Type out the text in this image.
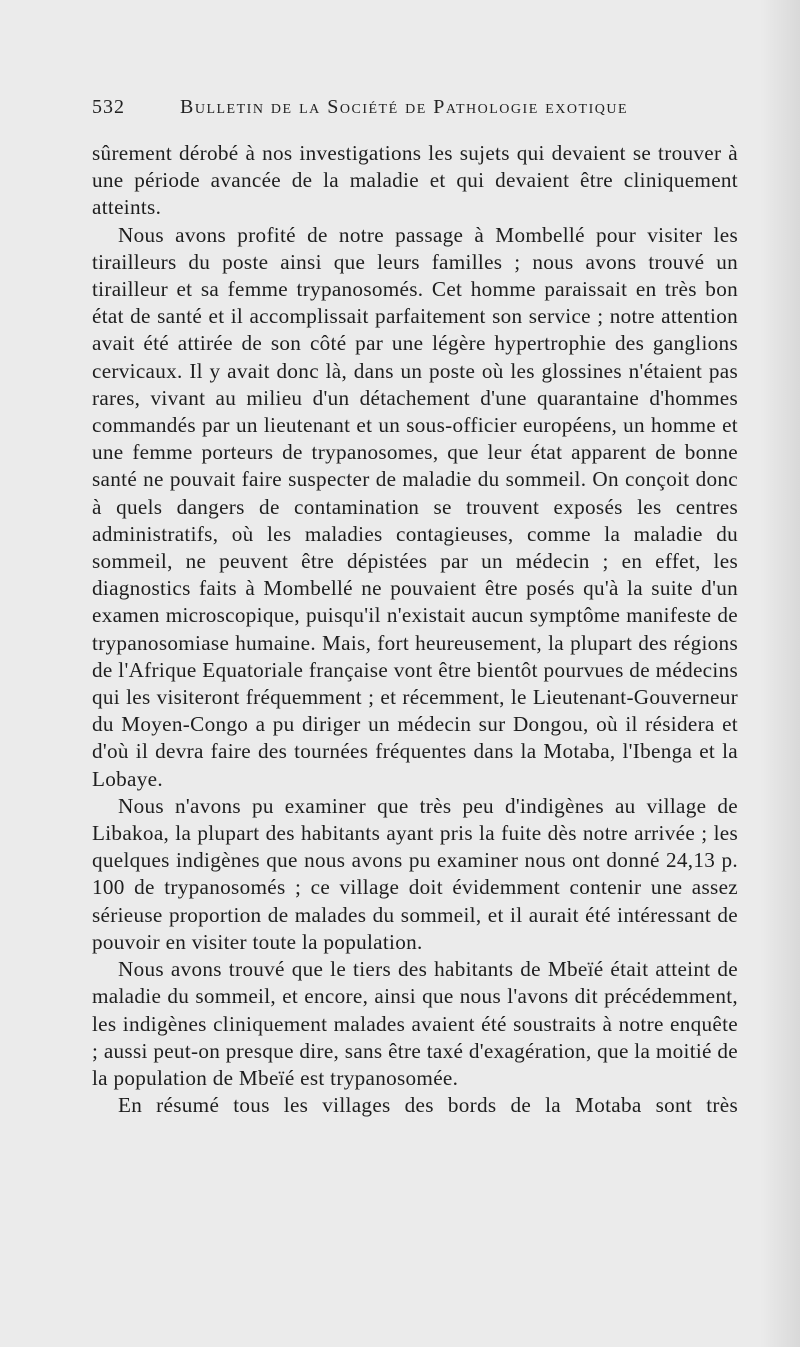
532	Bulletin de la Société de Pathologie exotique

sûrement dérobé à nos investigations les sujets qui devaient se trouver à une période avancée de la maladie et qui devaient être cliniquement atteints.

Nous avons profité de notre passage à Mombellé pour visiter les tirailleurs du poste ainsi que leurs familles ; nous avons trouvé un tirailleur et sa femme trypanosomés. Cet homme paraissait en très bon état de santé et il accomplissait parfaitement son service ; notre attention avait été attirée de son côté par une légère hypertrophie des ganglions cervicaux. Il y avait donc là, dans un poste où les glossines n'étaient pas rares, vivant au milieu d'un détachement d'une quarantaine d'hommes commandés par un lieutenant et un sous-officier européens, un homme et une femme porteurs de trypanosomes, que leur état apparent de bonne santé ne pouvait faire suspecter de maladie du sommeil. On conçoit donc à quels dangers de contamination se trouvent exposés les centres administratifs, où les maladies contagieuses, comme la maladie du sommeil, ne peuvent être dépistées par un médecin ; en effet, les diagnostics faits à Mombellé ne pouvaient être posés qu'à la suite d'un examen microscopique, puisqu'il n'existait aucun symptôme manifeste de trypanosomiase humaine. Mais, fort heureusement, la plupart des régions de l'Afrique Equatoriale française vont être bientôt pourvues de médecins qui les visiteront fréquemment ; et récemment, le Lieutenant-Gouverneur du Moyen-Congo a pu diriger un médecin sur Dongou, où il résidera et d'où il devra faire des tournées fréquentes dans la Motaba, l'Ibenga et la Lobaye.

Nous n'avons pu examiner que très peu d'indigènes au village de Libakoa, la plupart des habitants ayant pris la fuite dès notre arrivée ; les quelques indigènes que nous avons pu examiner nous ont donné 24,13 p. 100 de trypanosomés ; ce village doit évidemment contenir une assez sérieuse proportion de malades du sommeil, et il aurait été intéressant de pouvoir en visiter toute la population.

Nous avons trouvé que le tiers des habitants de Mbeïé était atteint de maladie du sommeil, et encore, ainsi que nous l'avons dit précédemment, les indigènes cliniquement malades avaient été soustraits à notre enquête ; aussi peut-on presque dire, sans être taxé d'exagération, que la moitié de la population de Mbeïé est trypanosomée.

En résumé tous les villages des bords de la Motaba sont très
